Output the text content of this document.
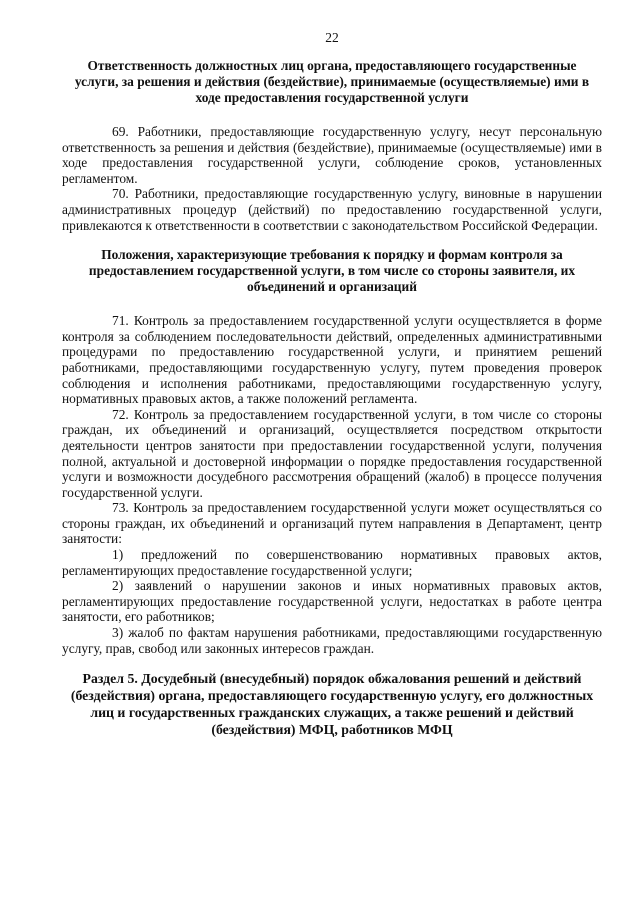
22
Ответственность должностных лиц органа, предоставляющего государственные услуги, за решения и действия (бездействие), принимаемые (осуществляемые) ими в ходе предоставления государственной услуги

69. Работники, предоставляющие государственную услугу, несут персональную ответственность за решения и действия (бездействие), принимаемые (осуществляемые) ими в ходе предоставления государственной услуги, соблюдение сроков, установленных регламентом.

70. Работники, предоставляющие государственную услугу, виновные в нарушении административных процедур (действий) по предоставлению государственной услуги, привлекаются к ответственности в соответствии с законодательством Российской Федерации.

Положения, характеризующие требования к порядку и формам контроля за предоставлением государственной услуги, в том числе со стороны заявителя, их объединений и организаций

71. Контроль за предоставлением государственной услуги осуществляется в форме контроля за соблюдением последовательности действий, определенных административными процедурами по предоставлению государственной услуги, и принятием решений работниками, предоставляющими государственную услугу, путем проведения проверок соблюдения и исполнения работниками, предоставляющими государственную услугу, нормативных правовых актов, а также положений регламента.

72. Контроль за предоставлением государственной услуги, в том числе со стороны граждан, их объединений и организаций, осуществляется посредством открытости деятельности центров занятости при предоставлении государственной услуги, получения полной, актуальной и достоверной информации о порядке предоставления государственной услуги и возможности досудебного рассмотрения обращений (жалоб) в процессе получения государственной услуги.

73. Контроль за предоставлением государственной услуги может осуществляться со стороны граждан, их объединений и организаций путем направления в Департамент, центр занятости:

1) предложений по совершенствованию нормативных правовых актов, регламентирующих предоставление государственной услуги;

2) заявлений о нарушении законов и иных нормативных правовых актов, регламентирующих предоставление государственной услуги, недостатках в работе центра занятости, его работников;

3) жалоб по фактам нарушения работниками, предоставляющими государственную услугу, прав, свобод или законных интересов граждан.

Раздел 5. Досудебный (внесудебный) порядок обжалования решений и действий (бездействия) органа, предоставляющего государственную услугу, его должностных лиц и государственных гражданских служащих, а также решений и действий (бездействия) МФЦ, работников МФЦ
